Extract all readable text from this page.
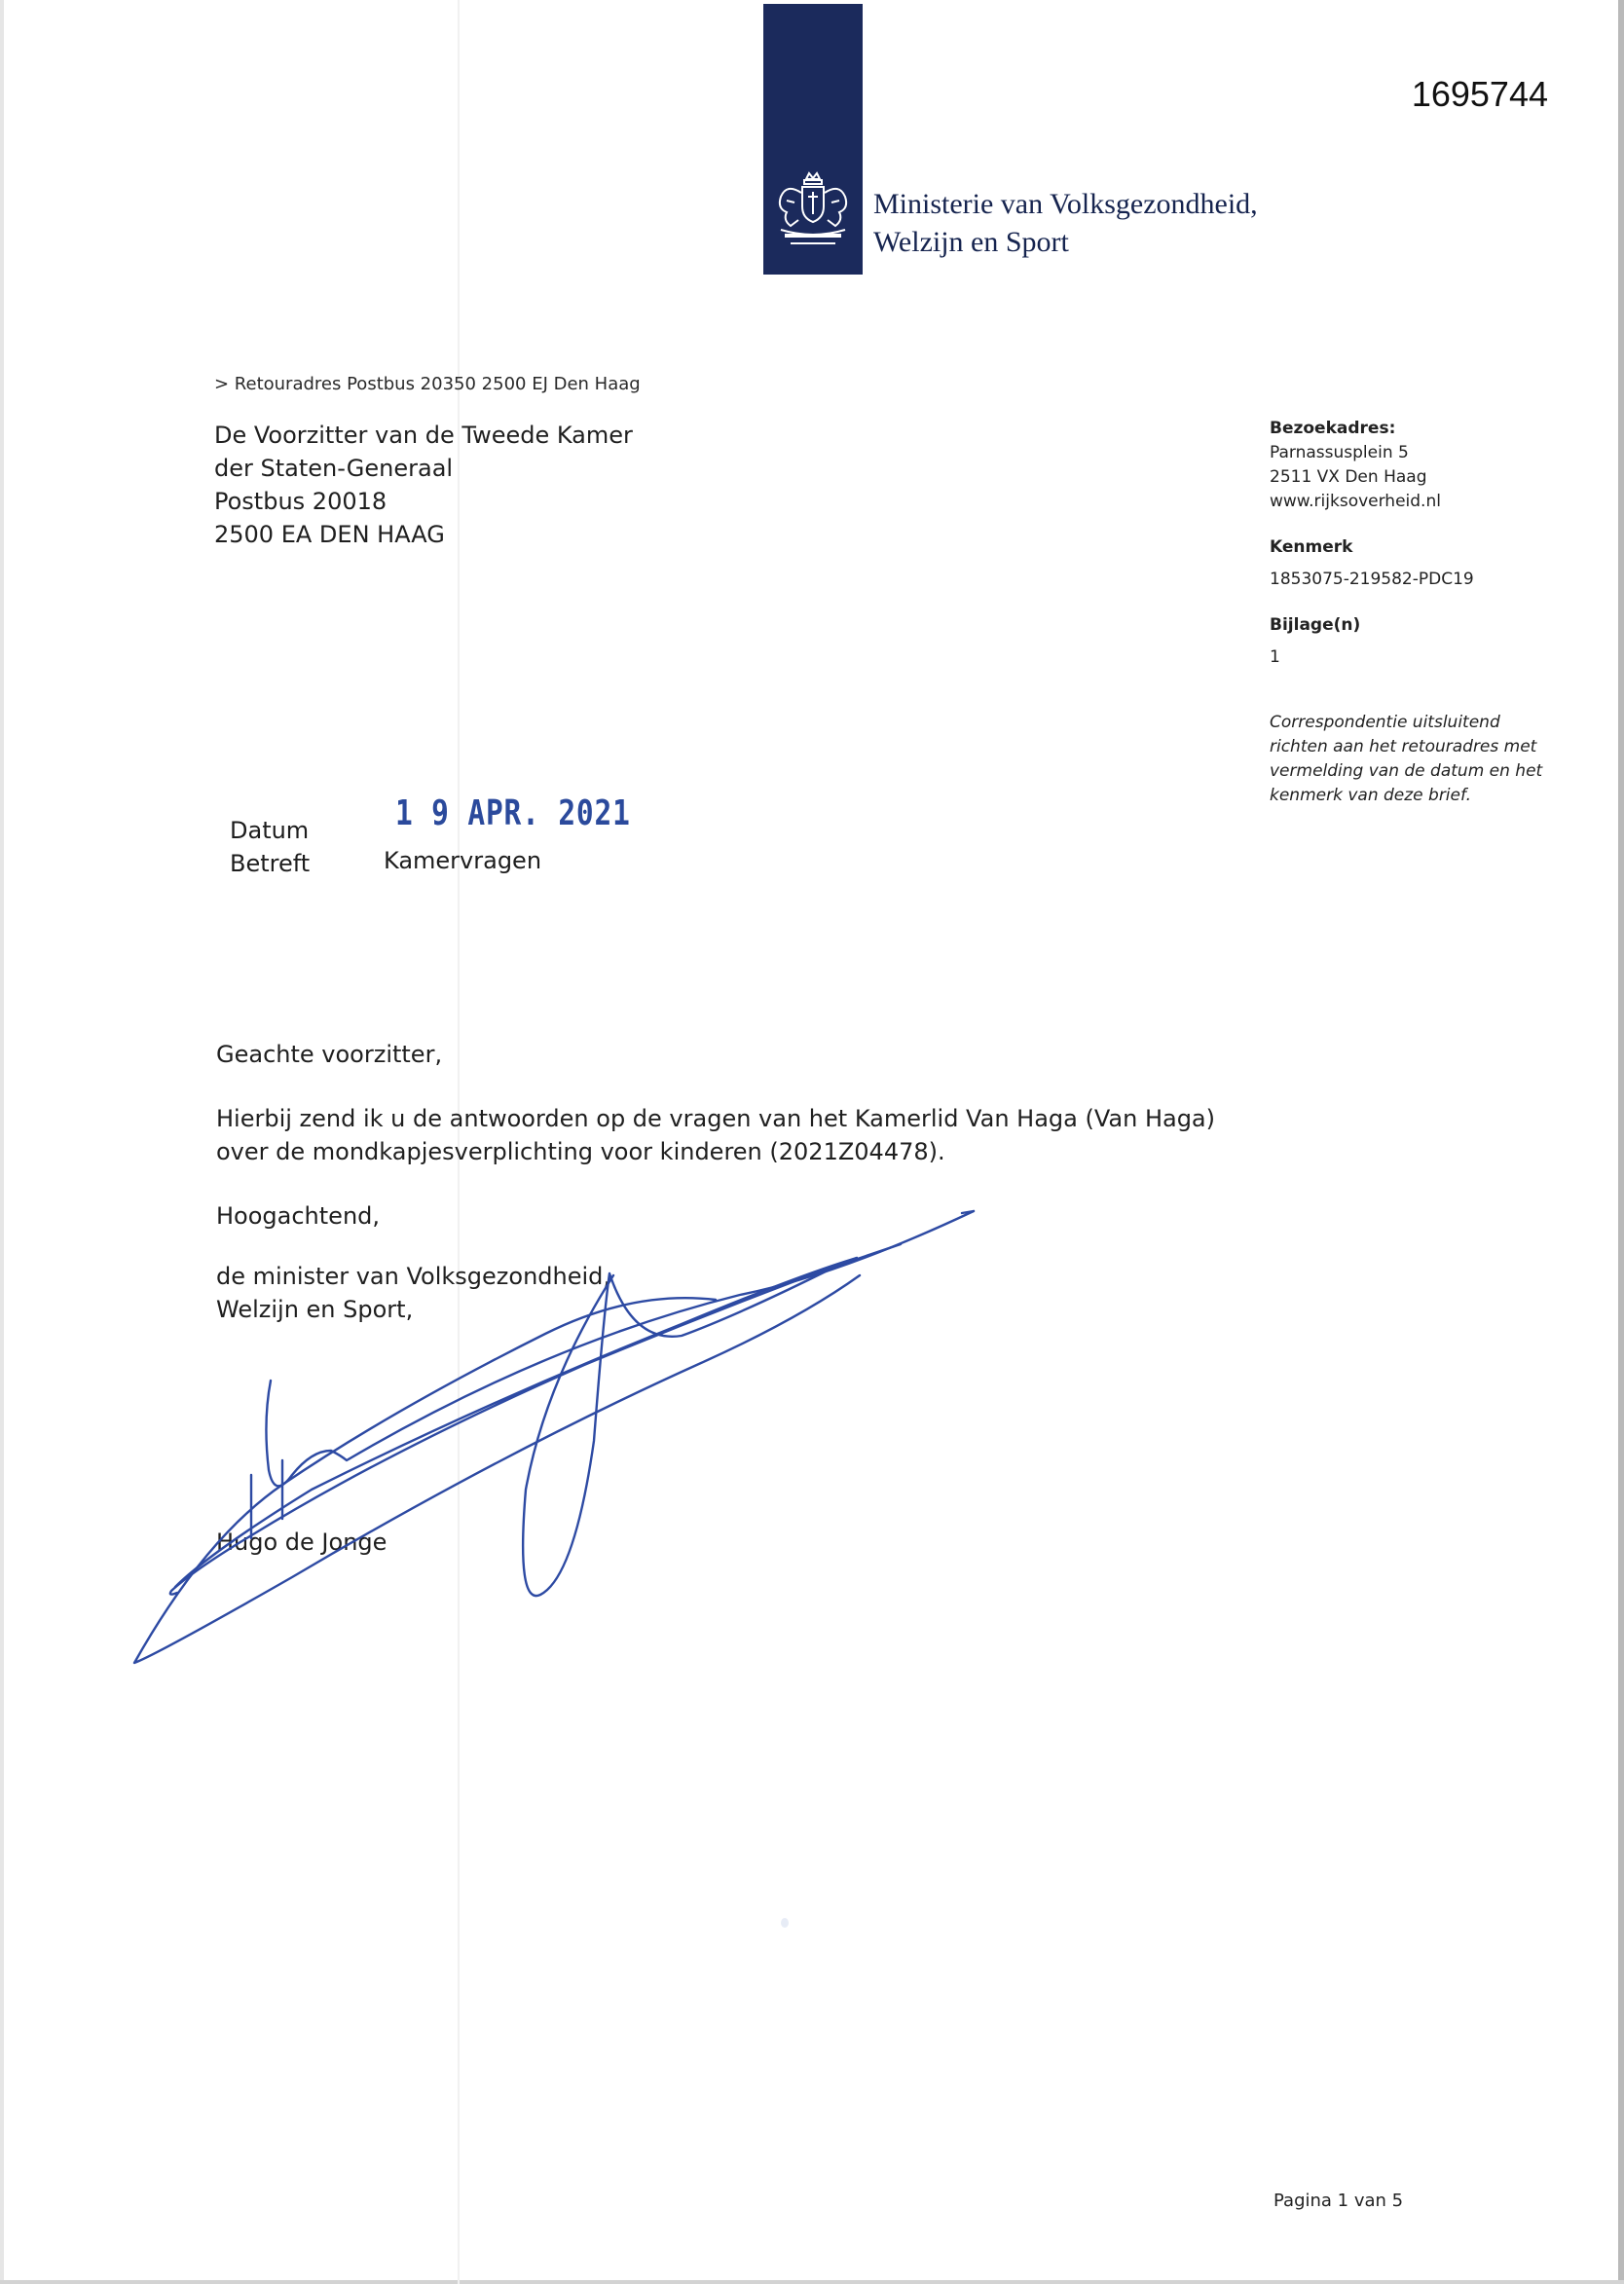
1695744
Ministerie van Volksgezondheid,
Welzijn en Sport
> Retouradres Postbus 20350 2500 EJ Den Haag
De Voorzitter van de Tweede Kamer
der Staten-Generaal
Postbus 20018
2500 EA DEN HAAG
Bezoekadres:
Parnassusplein 5
2511 VX Den Haag
www.rijksoverheid.nl
Kenmerk
1853075-219582-PDC19
Bijlage(n)
1
Correspondentie uitsluitend richten aan het retouradres met vermelding van de datum en het kenmerk van deze brief.
Datum
Betreft
1 9 APR. 2021
Kamervragen

Geachte voorzitter,

Hierbij zend ik u de antwoorden op de vragen van het Kamerlid Van Haga (Van Haga) over de mondkapjesverplichting voor kinderen (2021Z04478).

Hoogachtend,

de minister van Volksgezondheid,

Welzijn en Sport,

Hugo de Jonge
Pagina 1 van 5
